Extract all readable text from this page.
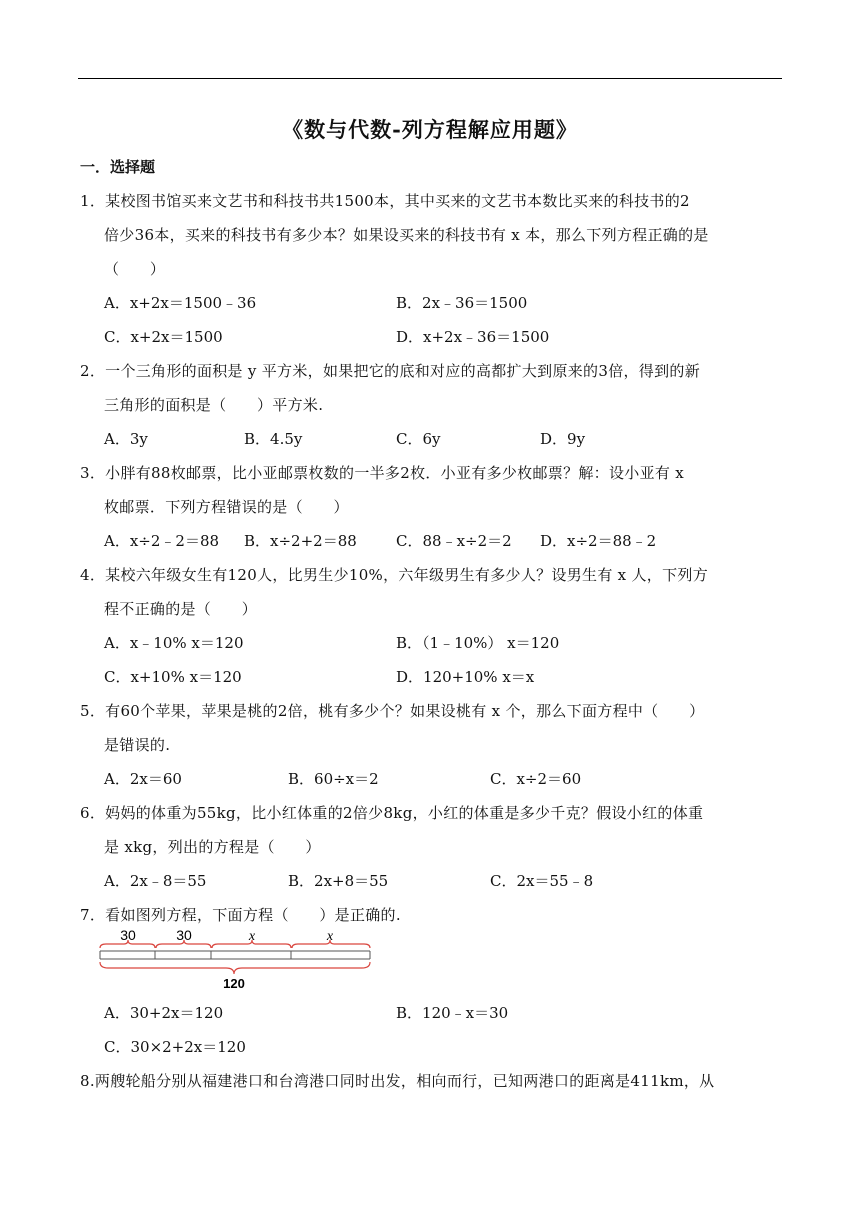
《数与代数-列方程解应用题》
一．选择题
1．某校图书馆买来文艺书和科技书共1500本，其中买来的文艺书本数比买来的科技书的2
倍少36本，买来的科技书有多少本？如果设买来的科技书有 x 本，那么下列方程正确的是
（　　）
A．x+2x＝1500﹣36	B．2x﹣36＝1500
C．x+2x＝1500	D．x+2x﹣36＝1500
2．一个三角形的面积是 y 平方米，如果把它的底和对应的高都扩大到原来的3倍，得到的新
三角形的面积是（　　）平方米.
A．3y	B．4.5y	C．6y	D．9y
3．小胖有88枚邮票，比小亚邮票枚数的一半多2枚．小亚有多少枚邮票？解：设小亚有 x
枚邮票．下列方程错误的是（　　）
A．x÷2﹣2＝88 B．x÷2+2＝88	C．88﹣x÷2＝2 D．x÷2＝88﹣2
4．某校六年级女生有120人，比男生少10%，六年级男生有多少人？设男生有 x 人，下列方
程不正确的是（　　）
A．x﹣10% x＝120	B．（1﹣10%） x＝120
C．x+10% x＝120	D．120+10% x＝x
5．有60个苹果，苹果是桃的2倍，桃有多少个？如果设桃有 x 个，那么下面方程中（　　）
是错误的.
A．2x＝60	B．60÷x＝2	C．x÷2＝60
6．妈妈的体重为55kg，比小红体重的2倍少8kg，小红的体重是多少千克？假设小红的体重
是 xkg，列出的方程是（　　）
A．2x﹣8＝55	B．2x+8＝55	C．2x＝55﹣8
7．看如图列方程，下面方程（　　）是正确的.
30	30	x	x
120
A．30+2x＝120	B．120﹣x＝30
C．30×2+2x＝120
8.两艘轮船分别从福建港口和台湾港口同时出发，相向而行，已知两港口的距离是411km，从
